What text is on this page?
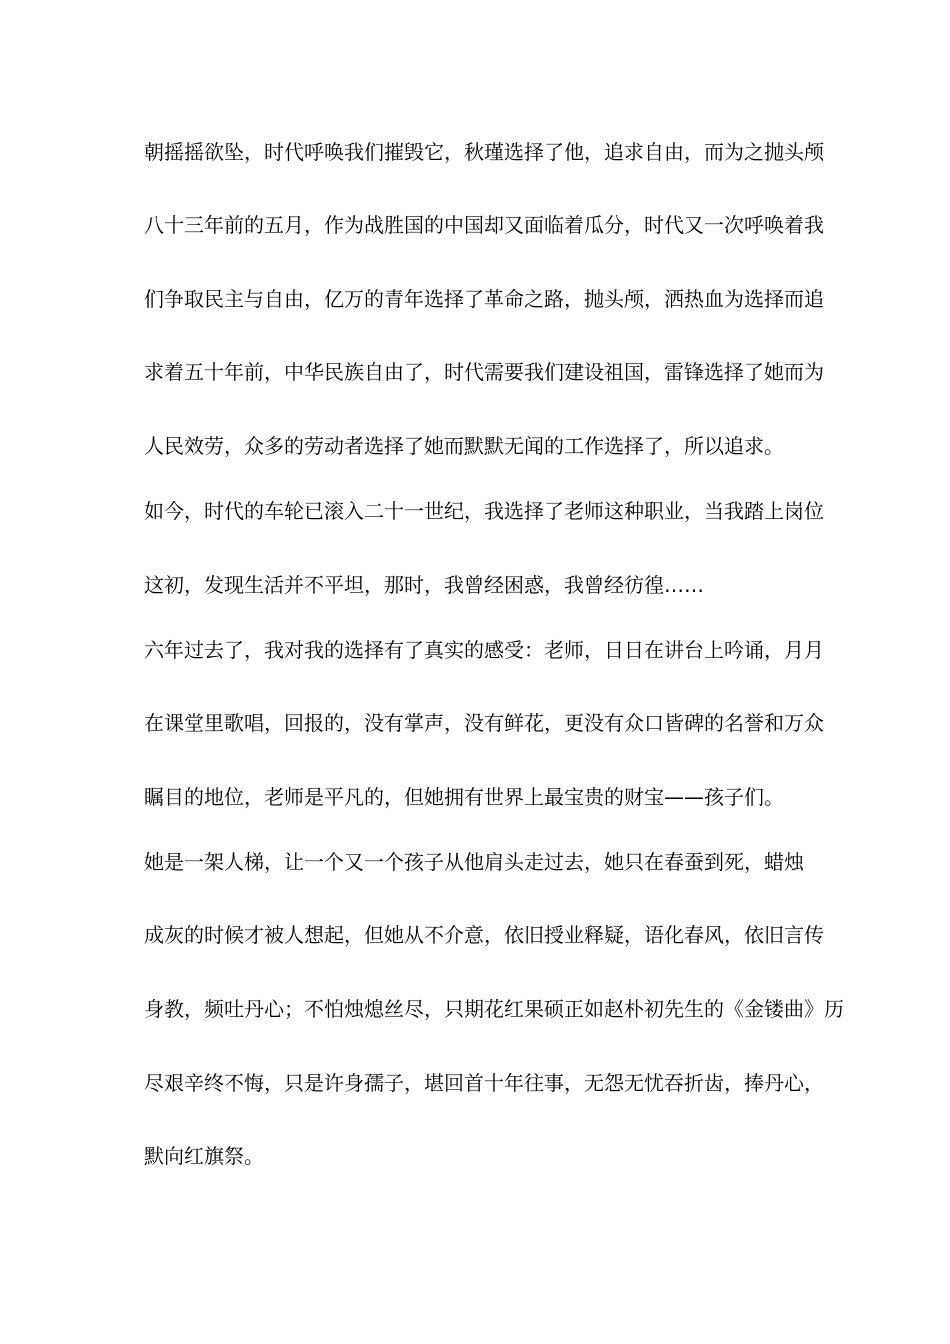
朝摇摇欲坠，时代呼唤我们摧毁它，秋瑾选择了他，追求自由，而为之抛头颅
八十三年前的五月，作为战胜国的中国却又面临着瓜分，时代又一次呼唤着我
们争取民主与自由，亿万的青年选择了革命之路，抛头颅，洒热血为选择而追
求着五十年前，中华民族自由了，时代需要我们建设祖国，雷锋选择了她而为
人民效劳，众多的劳动者选择了她而默默无闻的工作选择了，所以追求。
如今，时代的车轮已滚入二十一世纪，我选择了老师这种职业，当我踏上岗位
这初，发现生活并不平坦，那时，我曾经困惑，我曾经彷徨……
六年过去了，我对我的选择有了真实的感受：老师，日日在讲台上吟诵，月月
在课堂里歌唱，回报的，没有掌声，没有鲜花，更没有众口皆碑的名誉和万众
瞩目的地位，老师是平凡的，但她拥有世界上最宝贵的财宝——孩子们。
她是一架人梯，让一个又一个孩子从他肩头走过去，她只在春蚕到死，蜡烛
成灰的时候才被人想起，但她从不介意，依旧授业释疑，语化春风，依旧言传
身教，频吐丹心；不怕烛熄丝尽，只期花红果硕正如赵朴初先生的《金镂曲》历
尽艰辛终不悔，只是许身孺子，堪回首十年往事，无怨无忧吞折齿，捧丹心，
默向红旗祭。
